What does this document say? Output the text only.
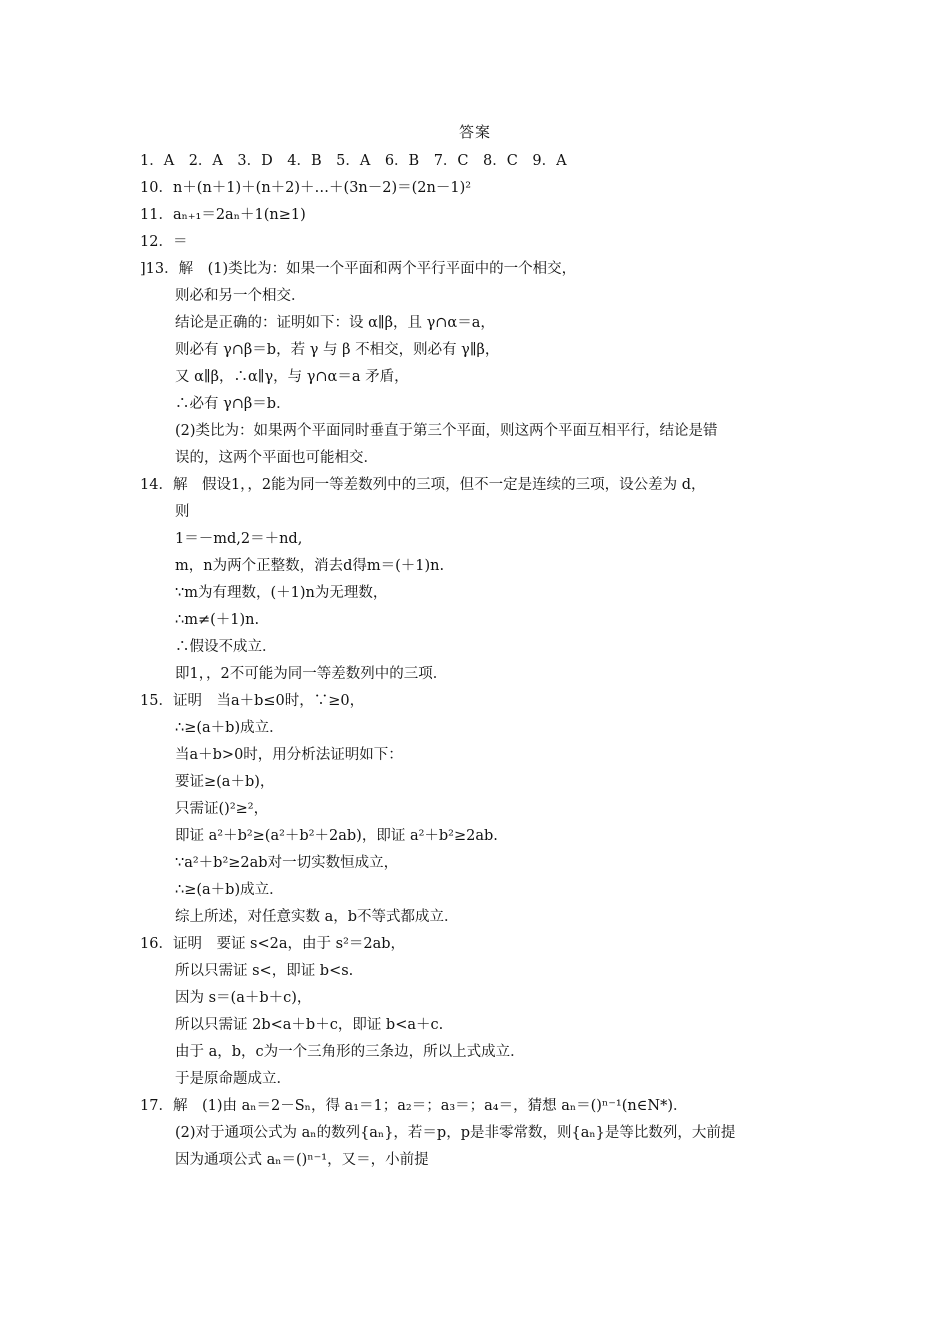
答案
1．A　2．A　3．D　4．B　5．A　6．B　7．C　8．C　9．A
10．n＋(n＋1)＋(n＋2)＋…＋(3n－2)＝(2n－1)²
11．aₙ₊₁＝2aₙ＋1(n≥1)
12．＝
]13．解　(1)类比为：如果一个平面和两个平行平面中的一个相交，
则必和另一个相交．
结论是正确的：证明如下：设 α∥β，且 γ∩α＝a，
则必有 γ∩β＝b，若 γ 与 β 不相交，则必有 γ∥β，
又 α∥β，∴α∥γ，与 γ∩α＝a 矛盾，
∴必有 γ∩β＝b．
(2)类比为：如果两个平面同时垂直于第三个平面，则这两个平面互相平行，结论是错
误的，这两个平面也可能相交．
14．解　假设1，，2能为同一等差数列中的三项，但不一定是连续的三项，设公差为 d，
则
1＝－md,2＝＋nd,
m，n为两个正整数，消去d得m＝(＋1)n.
∵m为有理数，(＋1)n为无理数，
∴m≠(＋1)n.
∴假设不成立．
即1，，2不可能为同一等差数列中的三项．
15．证明　当a＋b≤0时，∵≥0，
∴≥(a＋b)成立．
当a＋b>0时，用分析法证明如下：
要证≥(a＋b)，
只需证()²≥²，
即证 a²＋b²≥(a²＋b²＋2ab)，即证 a²＋b²≥2ab.
∵a²＋b²≥2ab对一切实数恒成立，
∴≥(a＋b)成立．
综上所述，对任意实数 a，b不等式都成立．
16．证明　要证 s<2a，由于 s²＝2ab，
所以只需证 s<，即证 b<s.
因为 s＝(a＋b＋c)，
所以只需证 2b<a＋b＋c，即证 b<a＋c.
由于 a，b，c为一个三角形的三条边，所以上式成立．
于是原命题成立．
17．解　(1)由 aₙ＝2－Sₙ，得 a₁＝1；a₂＝；a₃＝；a₄＝，猜想 aₙ＝()ⁿ⁻¹(n∈N*)．
(2)对于通项公式为 aₙ的数列{aₙ}，若＝p，p是非零常数，则{aₙ}是等比数列，大前提
因为通项公式 aₙ＝()ⁿ⁻¹，又＝，小前提
